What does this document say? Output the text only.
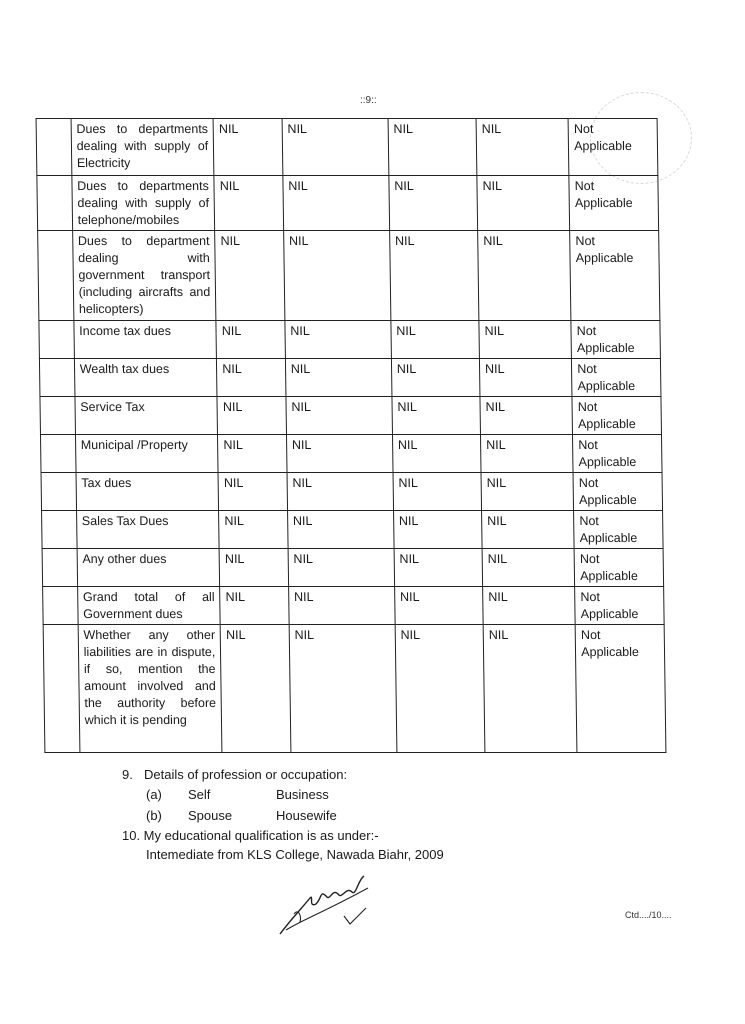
::9::
	Dues to departments dealing with supply of Electricity	NIL	NIL	NIL	NIL	Not Applicable
	Dues to departments dealing with supply of telephone/mobiles	NIL	NIL	NIL	NIL	Not Applicable
	Dues to department dealing with government transport (including aircrafts and helicopters)	NIL	NIL	NIL	NIL	Not Applicable
	Income tax dues	NIL	NIL	NIL	NIL	Not Applicable
	Wealth tax dues	NIL	NIL	NIL	NIL	Not Applicable
	Service Tax	NIL	NIL	NIL	NIL	Not Applicable
	Municipal /Property	NIL	NIL	NIL	NIL	Not Applicable
	Tax dues	NIL	NIL	NIL	NIL	Not Applicable
	Sales Tax Dues	NIL	NIL	NIL	NIL	Not Applicable
	Any other dues	NIL	NIL	NIL	NIL	Not Applicable
	Grand total of all Government dues	NIL	NIL	NIL	NIL	Not Applicable
	Whether any other liabilities are in dispute, if so, mention the amount involved and the authority before which it is pending	NIL	NIL	NIL	NIL	Not Applicable
9. Details of profession or occupation:
(a) Self	Business
(b) Spouse	Housewife
10. My educational qualification is as under:-
Intemediate from KLS College, Nawada Biahr, 2009
Ctd..../10....
